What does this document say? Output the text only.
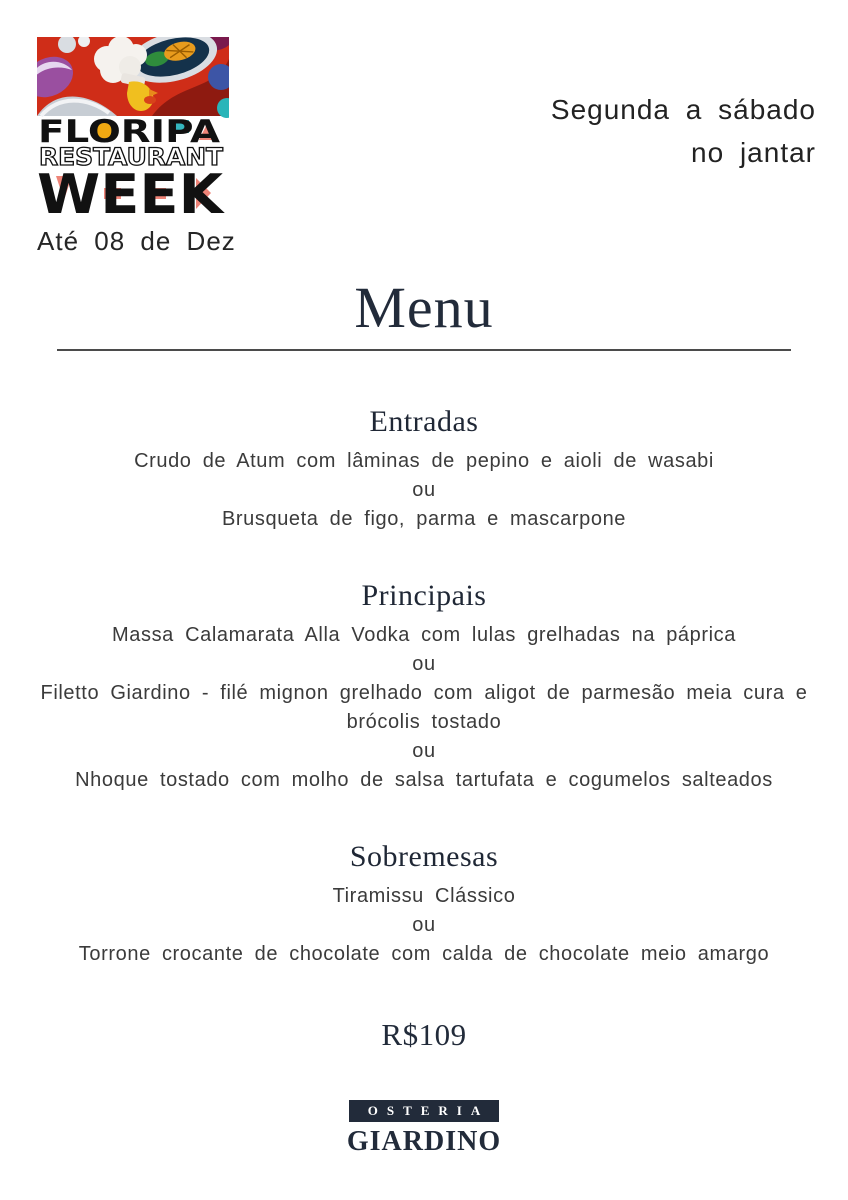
FLORIPA
RESTAURANT
WEEK
Até 08 de Dez
Segunda a sábado
no jantar
Menu
Entradas

Crudo de Atum com lâminas de pepino e aioli de wasabi

ou

Brusqueta de figo, parma e mascarpone

Principais

Massa Calamarata Alla Vodka com lulas grelhadas na páprica

ou

Filetto Giardino - filé mignon grelhado com aligot de parmesão meia cura e brócolis tostado

ou

Nhoque tostado com molho de salsa tartufata e cogumelos salteados

Sobremesas

Tiramissu Clássico

ou

Torrone crocante de chocolate com calda de chocolate meio amargo

R$109
OSTERIA
GIARDINO
